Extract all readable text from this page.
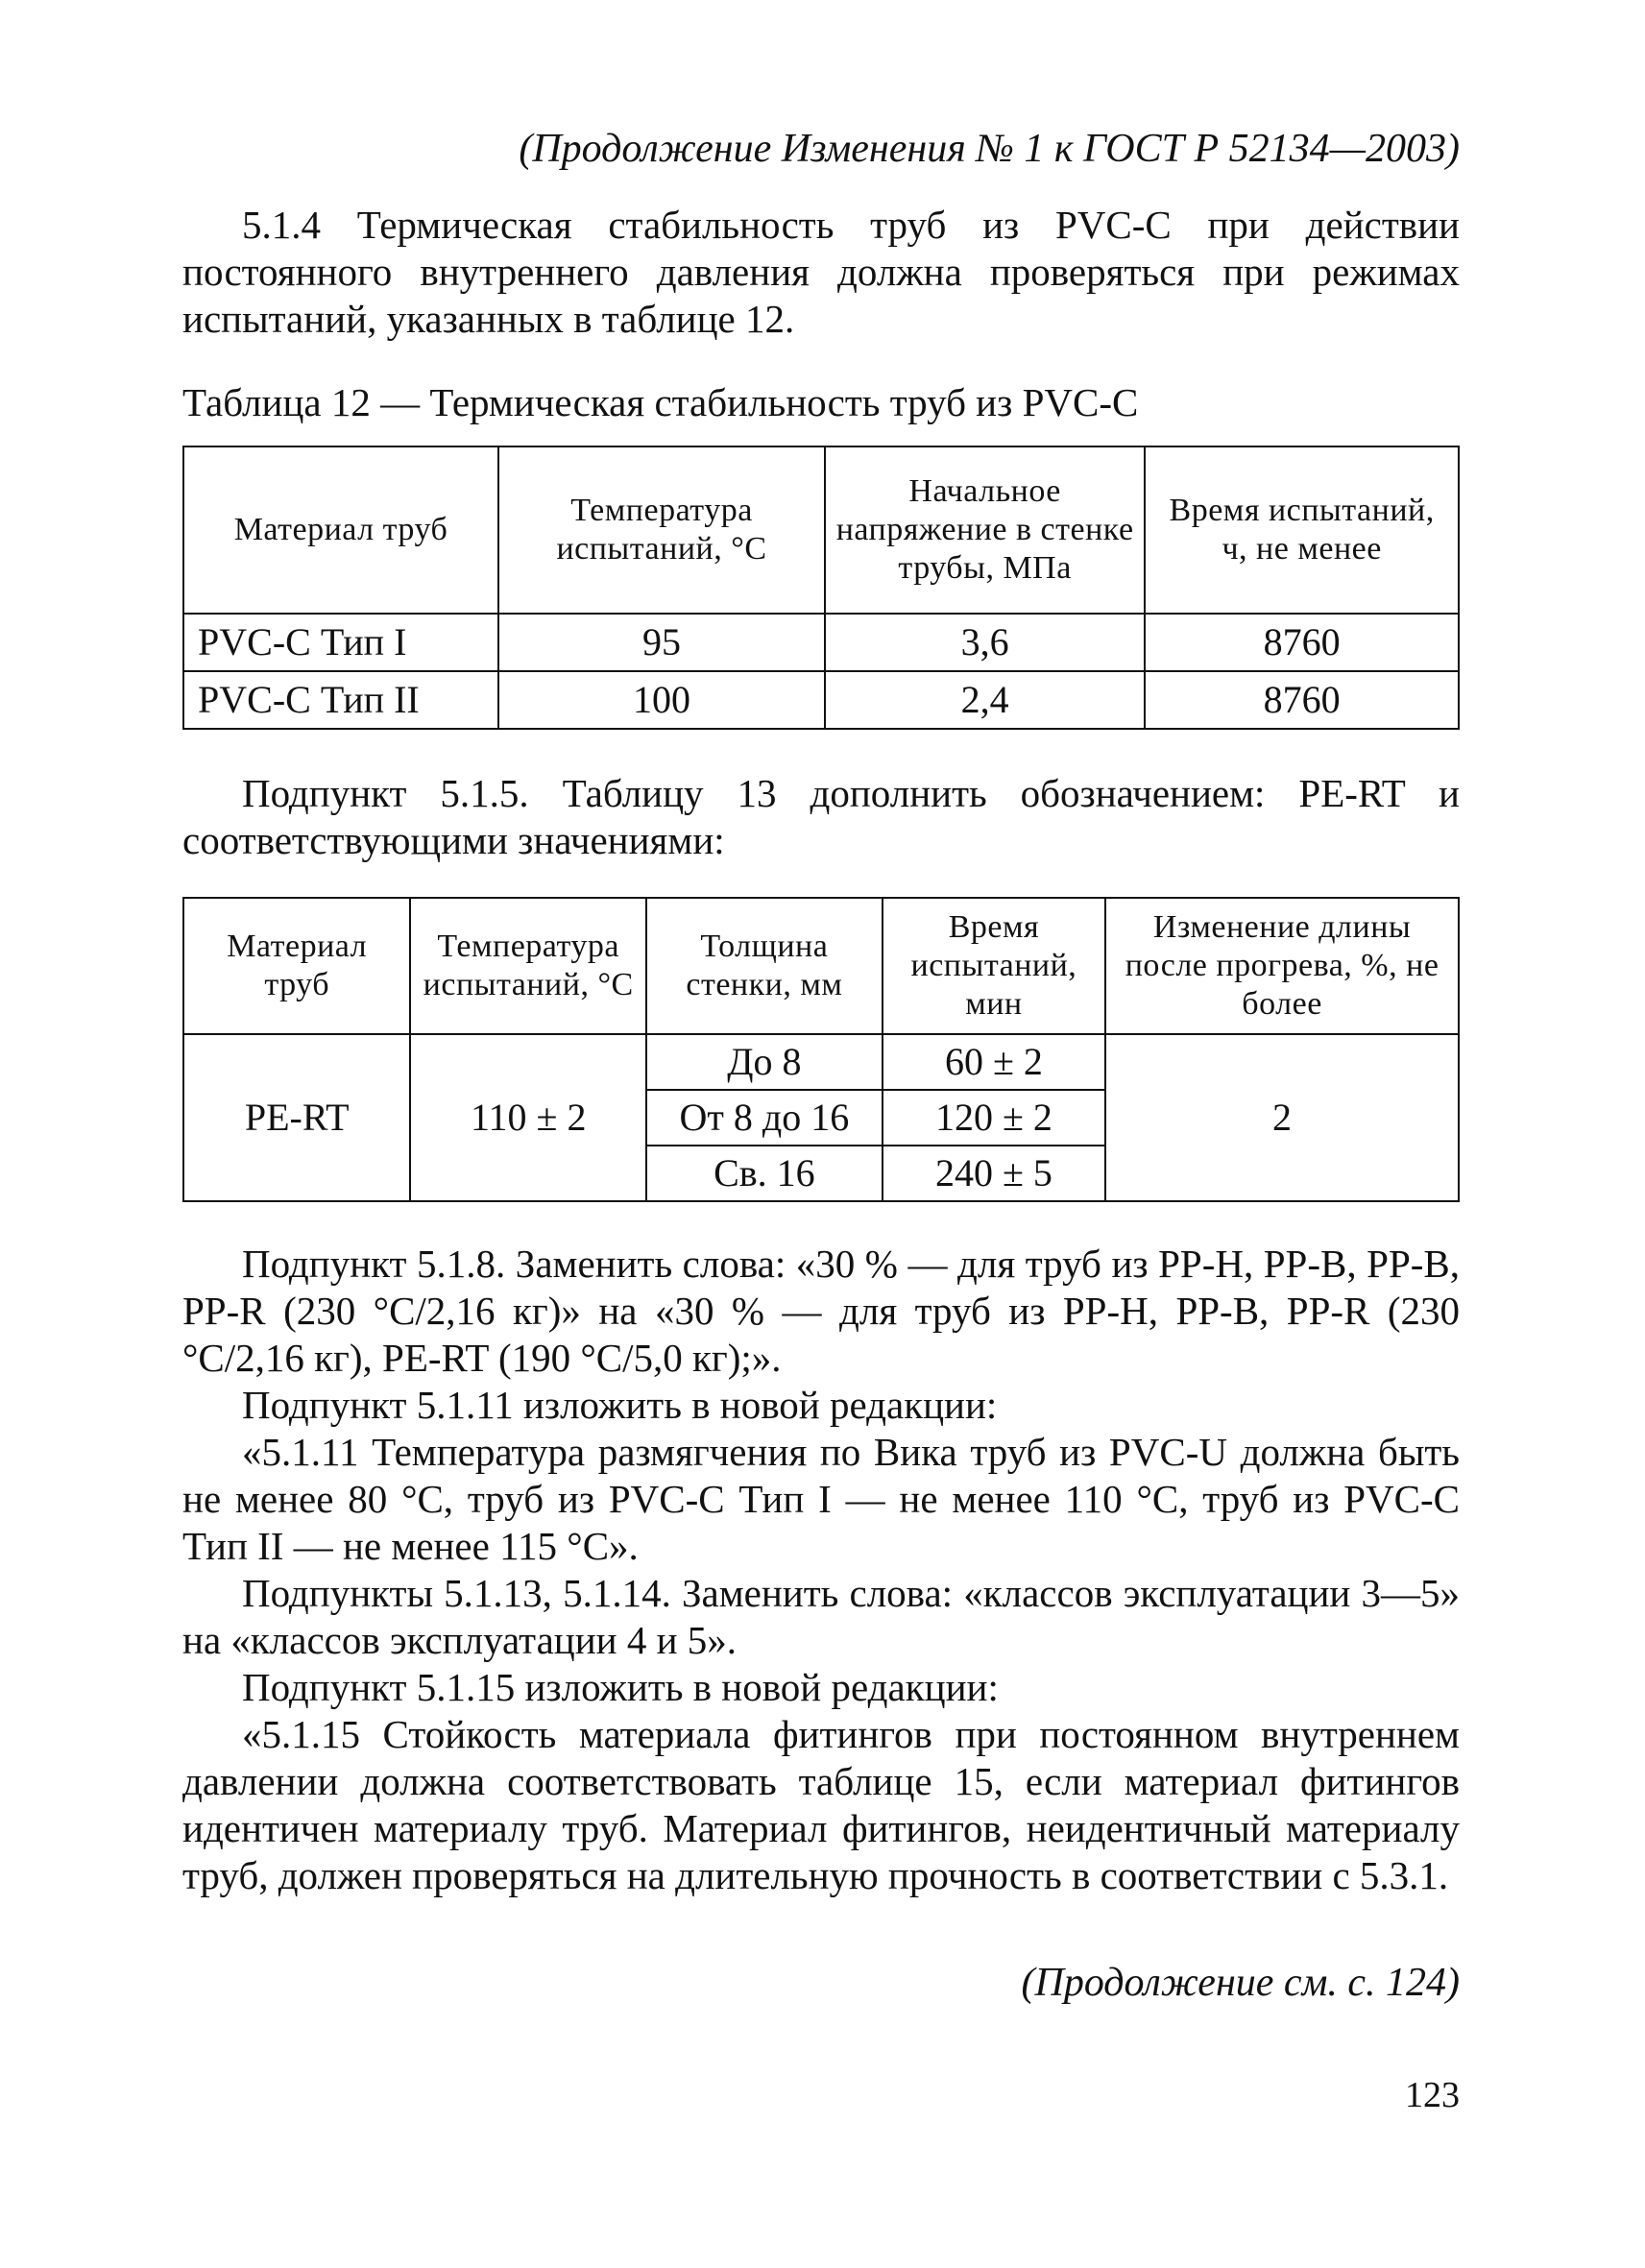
(Продолжение Изменения № 1 к ГОСТ Р 52134—2003)

5.1.4 Термическая стабильность труб из PVC-C при действии постоянного внутреннего давления должна проверяться при режимах испытаний, указанных в таблице 12.

Таблица 12 — Термическая стабильность труб из PVC-C

Материал труб	Температура испытаний, °С	Начальное напряжение в стенке трубы, МПа	Время испытаний, ч, не менее
PVC-C Тип I	95	3,6	8760
PVC-C Тип II	100	2,4	8760

Подпункт 5.1.5. Таблицу 13 дополнить обозначением: PE-RT и соответствующими значениями:

Материал труб	Температура испытаний, °С	Толщина стенки, мм	Время испытаний, мин	Изменение длины после прогрева, %, не более
PE-RT	110 ± 2	До 8	60 ± 2	2
		От 8 до 16	120 ± 2	
		Св. 16	240 ± 5	

Подпункт 5.1.8. Заменить слова: «30 % — для труб из PP-H, PP-B, PP-B, PP-R (230 °C/2,16 кг)» на «30 % — для труб из PP-H, PP-B, PP-R (230 °C/2,16 кг), PE-RT (190 °C/5,0 кг);».

Подпункт 5.1.11 изложить в новой редакции:

«5.1.11 Температура размягчения по Вика труб из PVC-U должна быть не менее 80 °C, труб из PVC-C Тип I — не менее 110 °C, труб из PVC-C Тип II — не менее 115 °C».

Подпункты 5.1.13, 5.1.14. Заменить слова: «классов эксплуатации 3—5» на «классов эксплуатации 4 и 5».

Подпункт 5.1.15 изложить в новой редакции:

«5.1.15 Стойкость материала фитингов при постоянном внутреннем давлении должна соответствовать таблице 15, если материал фитингов идентичен материалу труб. Материал фитингов, неидентичный материалу труб, должен проверяться на длительную прочность в соответствии с 5.3.1.

(Продолжение см. с. 124)
123
